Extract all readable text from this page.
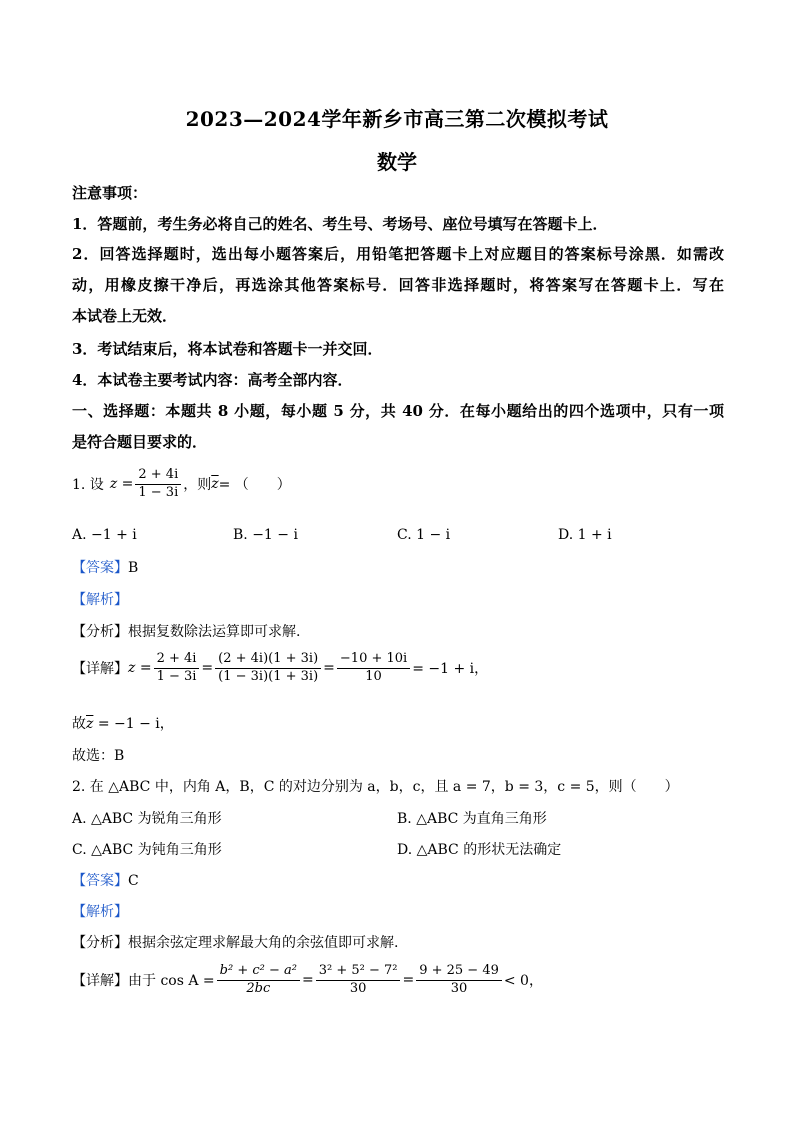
2023—2024学年新乡市高三第二次模拟考试
数学
注意事项：
1．答题前，考生务必将自己的姓名、考生号、考场号、座位号填写在答题卡上．
2．回答选择题时，选出每小题答案后，用铅笔把答题卡上对应题目的答案标号涂黑．如需改
动，用橡皮擦干净后，再选涂其他答案标号．回答非选择题时，将答案写在答题卡上．写在
本试卷上无效．
3．考试结束后，将本试卷和答题卡一并交回．
4．本试卷主要考试内容：高考全部内容．
一、选择题：本题共 8 小题，每小题 5 分，共 40 分．在每小题给出的四个选项中，只有一项
是符合题目要求的．
1. 设 $z = \frac{2 + 4i}{1 - 3i}$ ，则 $\overline{z}$ = （　　）
A. −1 + i	B. −1 − i	C. 1 − i	D. 1 + i
【答案】B
【解析】
【分析】根据复数除法运算即可求解.
【详解】 $z = \frac{2 + 4i}{1 - 3i} = \frac{(2 + 4i)(1 + 3i)}{(1 - 3i)(1 + 3i)} = \frac{-10 + 10i}{10} = -1 + i$，
故$\overline{z} = -1 - i$，
故选：B
2. 在 △ABC 中，内角 A，B，C 的对边分别为 a，b，c，且 a = 7，b = 3，c = 5，则（　　）
A. △ABC 为锐角三角形	B. △ABC 为直角三角形
C. △ABC 为钝角三角形	D. △ABC 的形状无法确定
【答案】C
【解析】
【分析】根据余弦定理求解最大角的余弦值即可求解.
【详解】 由于 $\cos A = \frac{\text{b² + c² − a²}}{2bc} = \frac{\text{3² + 5² − 7²}}{30} = \frac{9 + 25 - 49}{30} < 0$，
